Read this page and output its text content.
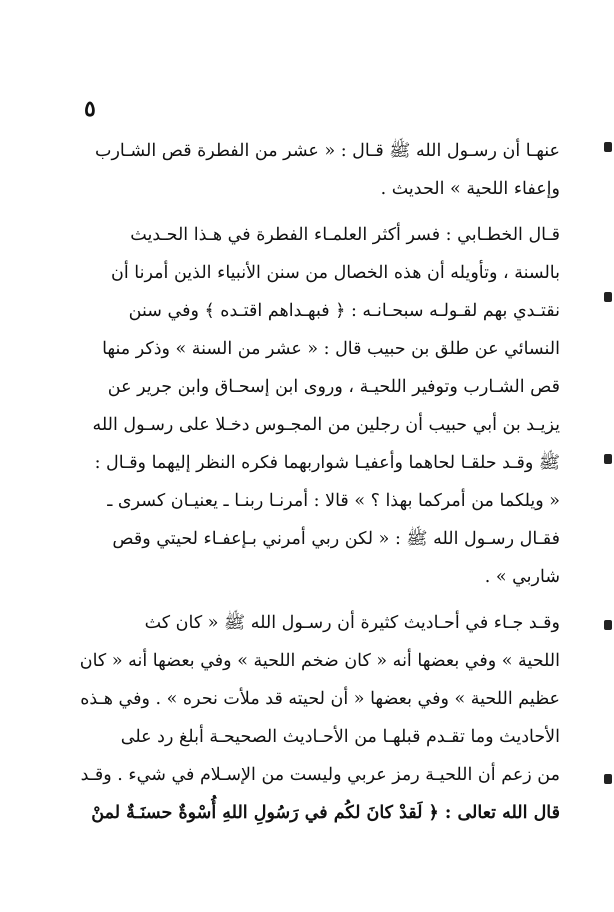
٥

عنهـا أن رسـول الله ﷺ قـال : « عشر من الفطرة قص الشـارب
وإعفاء اللحية » الحديث .

قـال الخطـابي : فسر أكثر العلمـاء الفطرة في هـذا الحـديث
بالسنة ، وتأويله أن هذه الخصال من سنن الأنبياء الذين أمرنا أن
نقتـدي بهم لقـولـه سبحـانـه : ﴿ فبهـداهم اقتـده ﴾ وفي سنن
النسائي عن طلق بن حبيب قال : « عشر من السنة » وذكر منها
قص الشـارب وتوفير اللحيـة ، وروى ابن إسحـاق وابن جرير عن
يزيـد بن أبي حبيب أن رجلين من المجـوس دخـلا على رسـول الله
ﷺ وقـد حلقـا لحاهما وأعفيـا شواربهما فكره النظر إليهما وقـال :
« ويلكما من أمركما بهذا ؟ » قالا : أمرنـا ربنـا ـ يعنيـان كسرى ـ
فقـال رسـول الله ﷺ : « لكن ربي أمرني بـإعفـاء لحيتي وقص
شاربي » .

وقـد جـاء في أحـاديث كثيرة أن رسـول الله ﷺ « كان كث
اللحية » وفي بعضها أنه « كان ضخم اللحية » وفي بعضها أنه « كان
عظيم اللحية » وفي بعضها « أن لحيته قد ملأت نحره » . وفي هـذه
الأحاديث وما تقـدم قبلهـا من الأحـاديث الصحيحـة أبلغ رد على
من زعم أن اللحيـة رمز عربي وليست من الإسـلام في شيء . وقـد
قال الله تعالى : ﴿ لَقدْ كانَ لكُم في رَسُولِ اللهِ أُسْوةٌ حسنَـةٌ لمنْ
